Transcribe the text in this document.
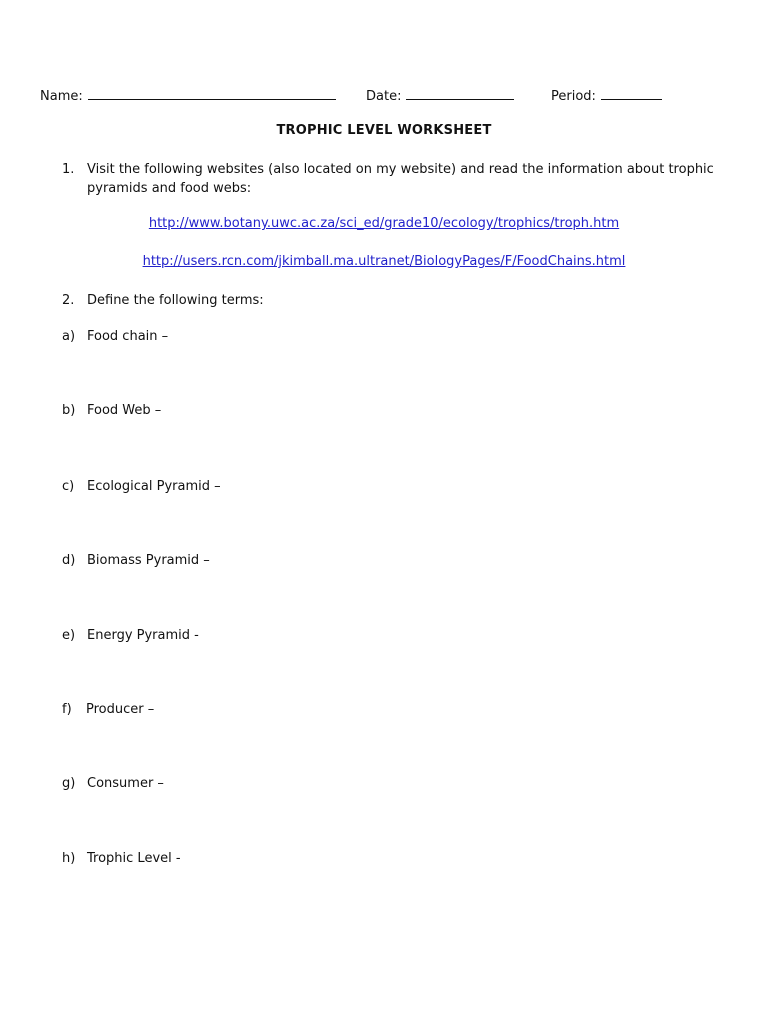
Name:	Date:	Period:
TROPHIC LEVEL WORKSHEET
1. Visit the following websites (also located on my website) and read the information about trophic pyramids and food webs:
http://www.botany.uwc.ac.za/sci_ed/grade10/ecology/trophics/troph.htm
http://users.rcn.com/jkimball.ma.ultranet/BiologyPages/F/FoodChains.html
2. Define the following terms:
a) Food chain –
b) Food Web –
c) Ecological Pyramid –
d) Biomass Pyramid –
e) Energy Pyramid -
f) Producer –
g) Consumer –
h) Trophic Level -
